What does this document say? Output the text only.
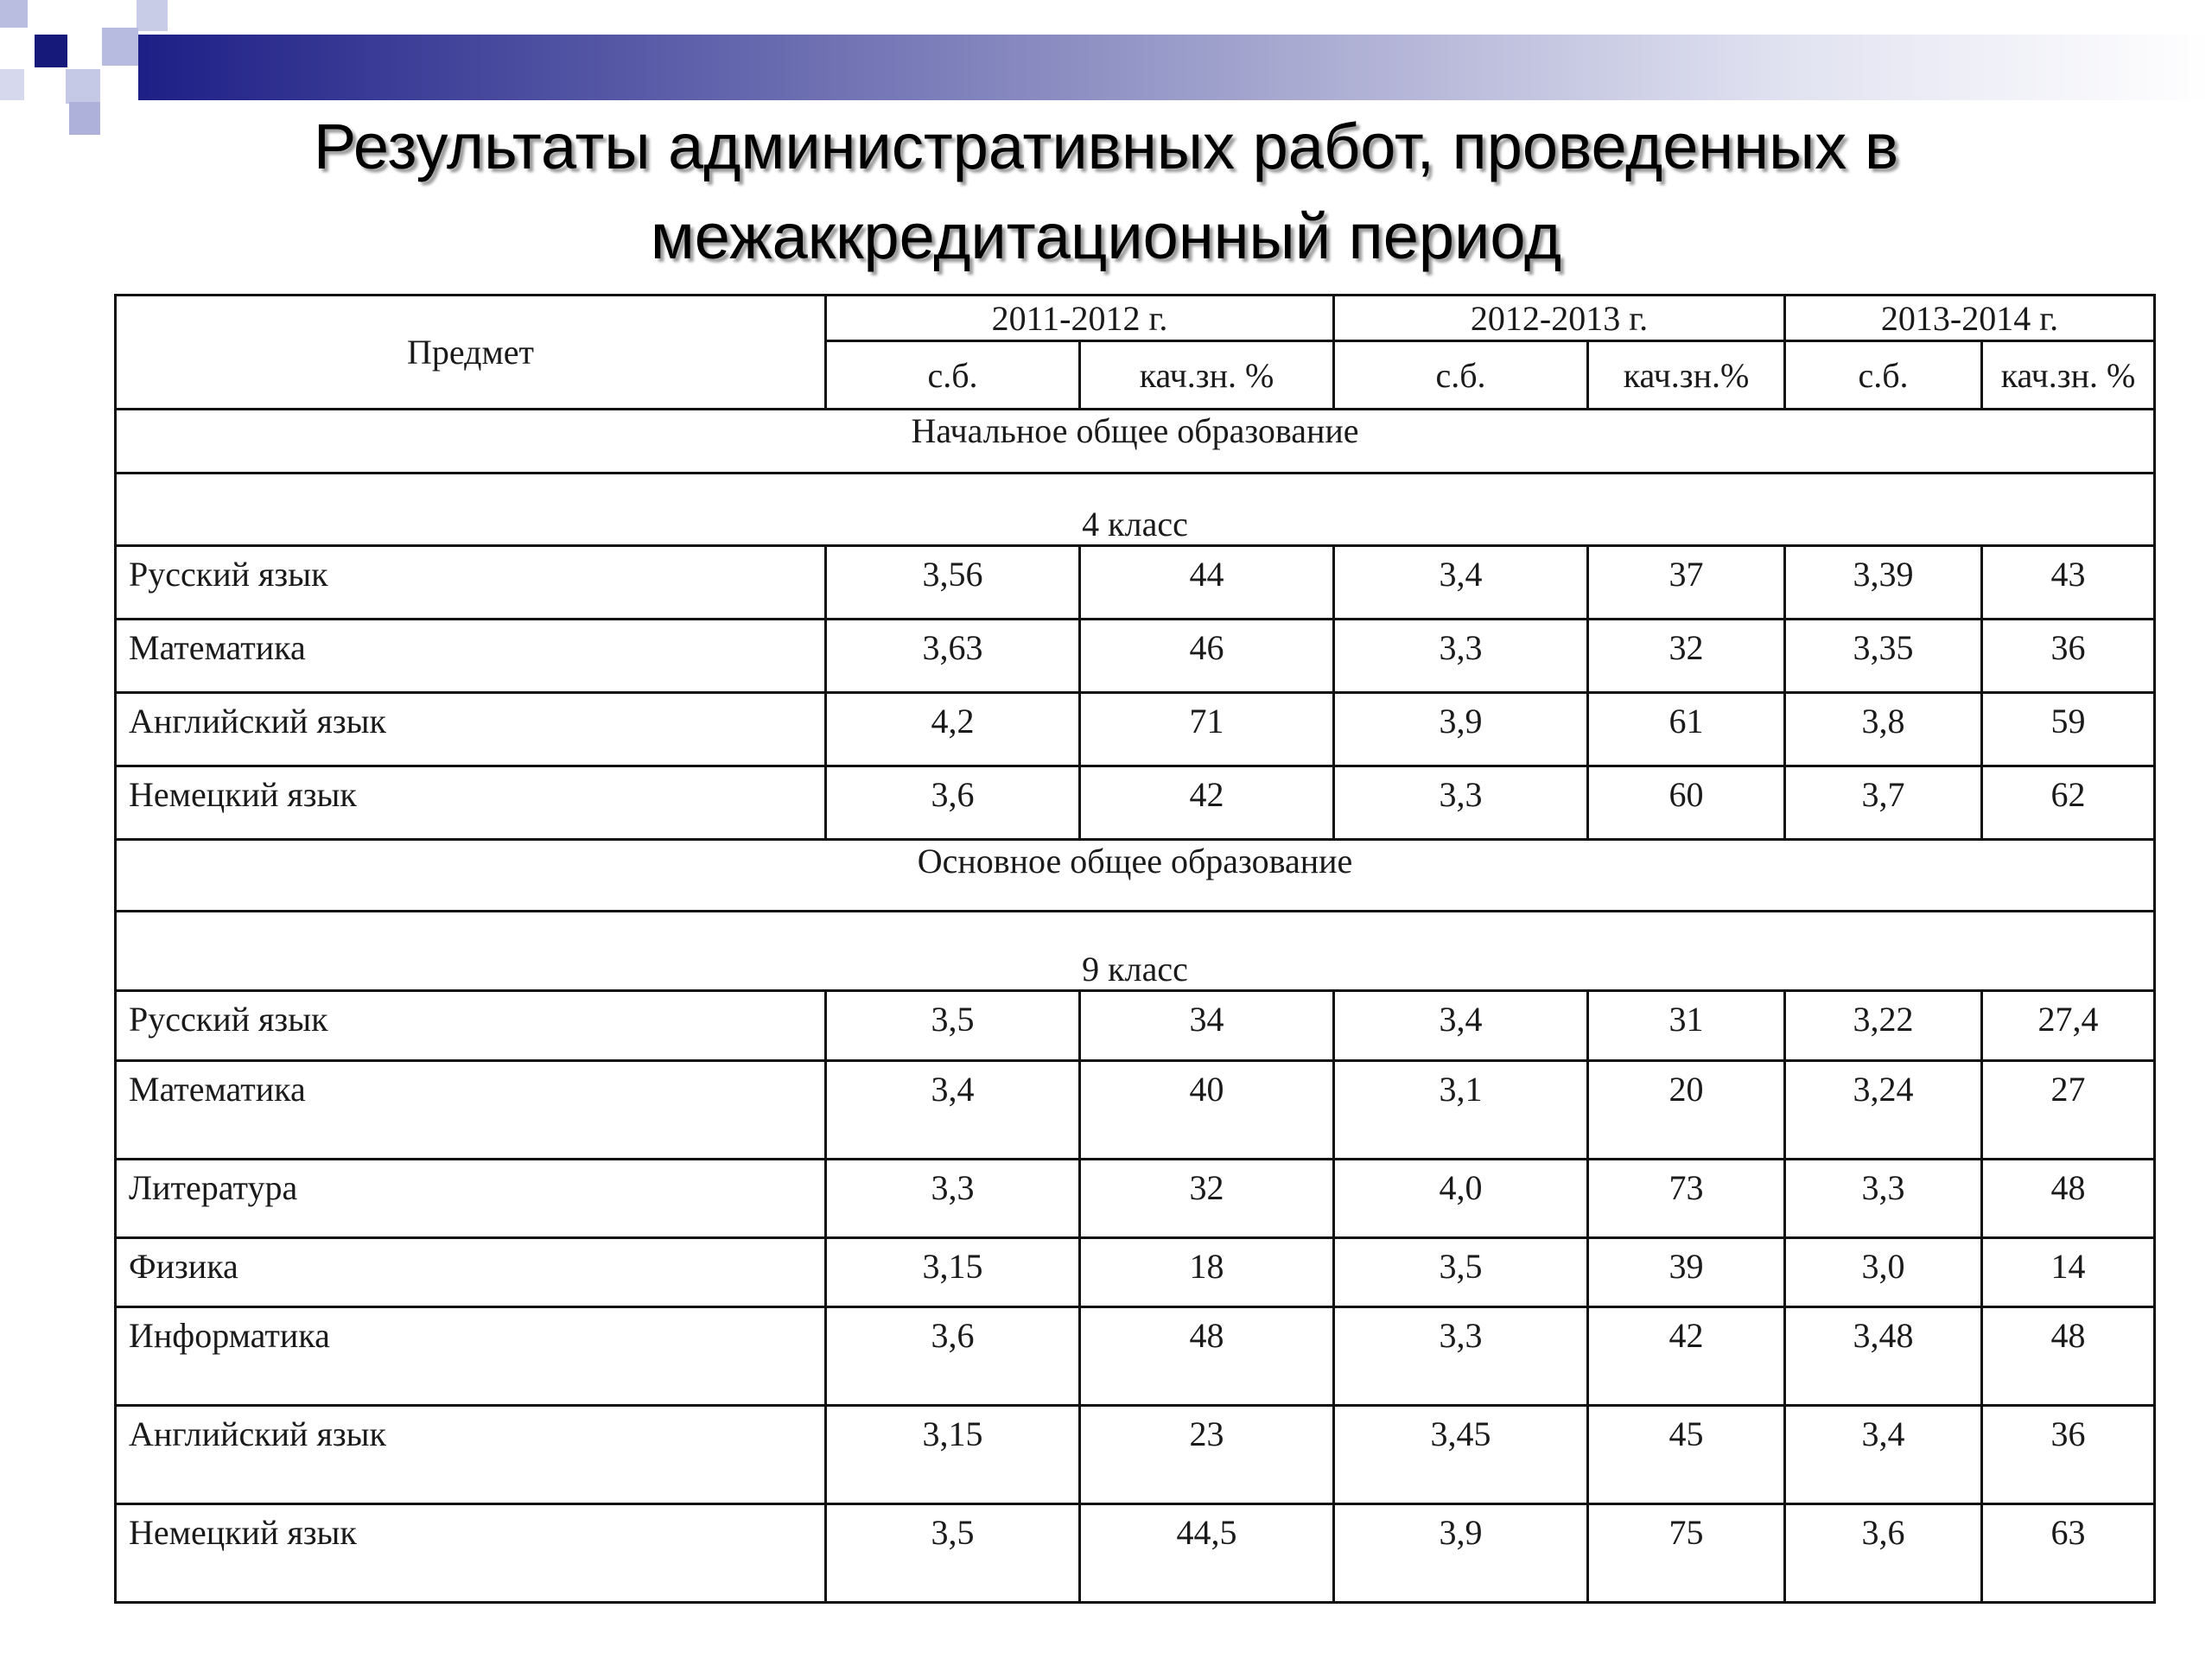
Результаты административных работ, проведенных в
межаккредитационный период
Предмет	2011-2012 г.		2012-2013 г.		2013-2014 г.	
	с.б.	кач.зн. %	с.б.	кач.зн.%	с.б.	кач.зн. %
Начальное общее образование						
4 класс						
Русский язык	3,56	44	3,4	37	3,39	43
Математика	3,63	46	3,3	32	3,35	36
Английский язык	4,2	71	3,9	61	3,8	59
Немецкий язык	3,6	42	3,3	60	3,7	62
Основное общее образование						
9 класс						
Русский язык	3,5	34	3,4	31	3,22	27,4
Математика	3,4	40	3,1	20	3,24	27
Литература	3,3	32	4,0	73	3,3	48
Физика	3,15	18	3,5	39	3,0	14
Информатика	3,6	48	3,3	42	3,48	48
Английский язык	3,15	23	3,45	45	3,4	36
Немецкий язык	3,5	44,5	3,9	75	3,6	63
